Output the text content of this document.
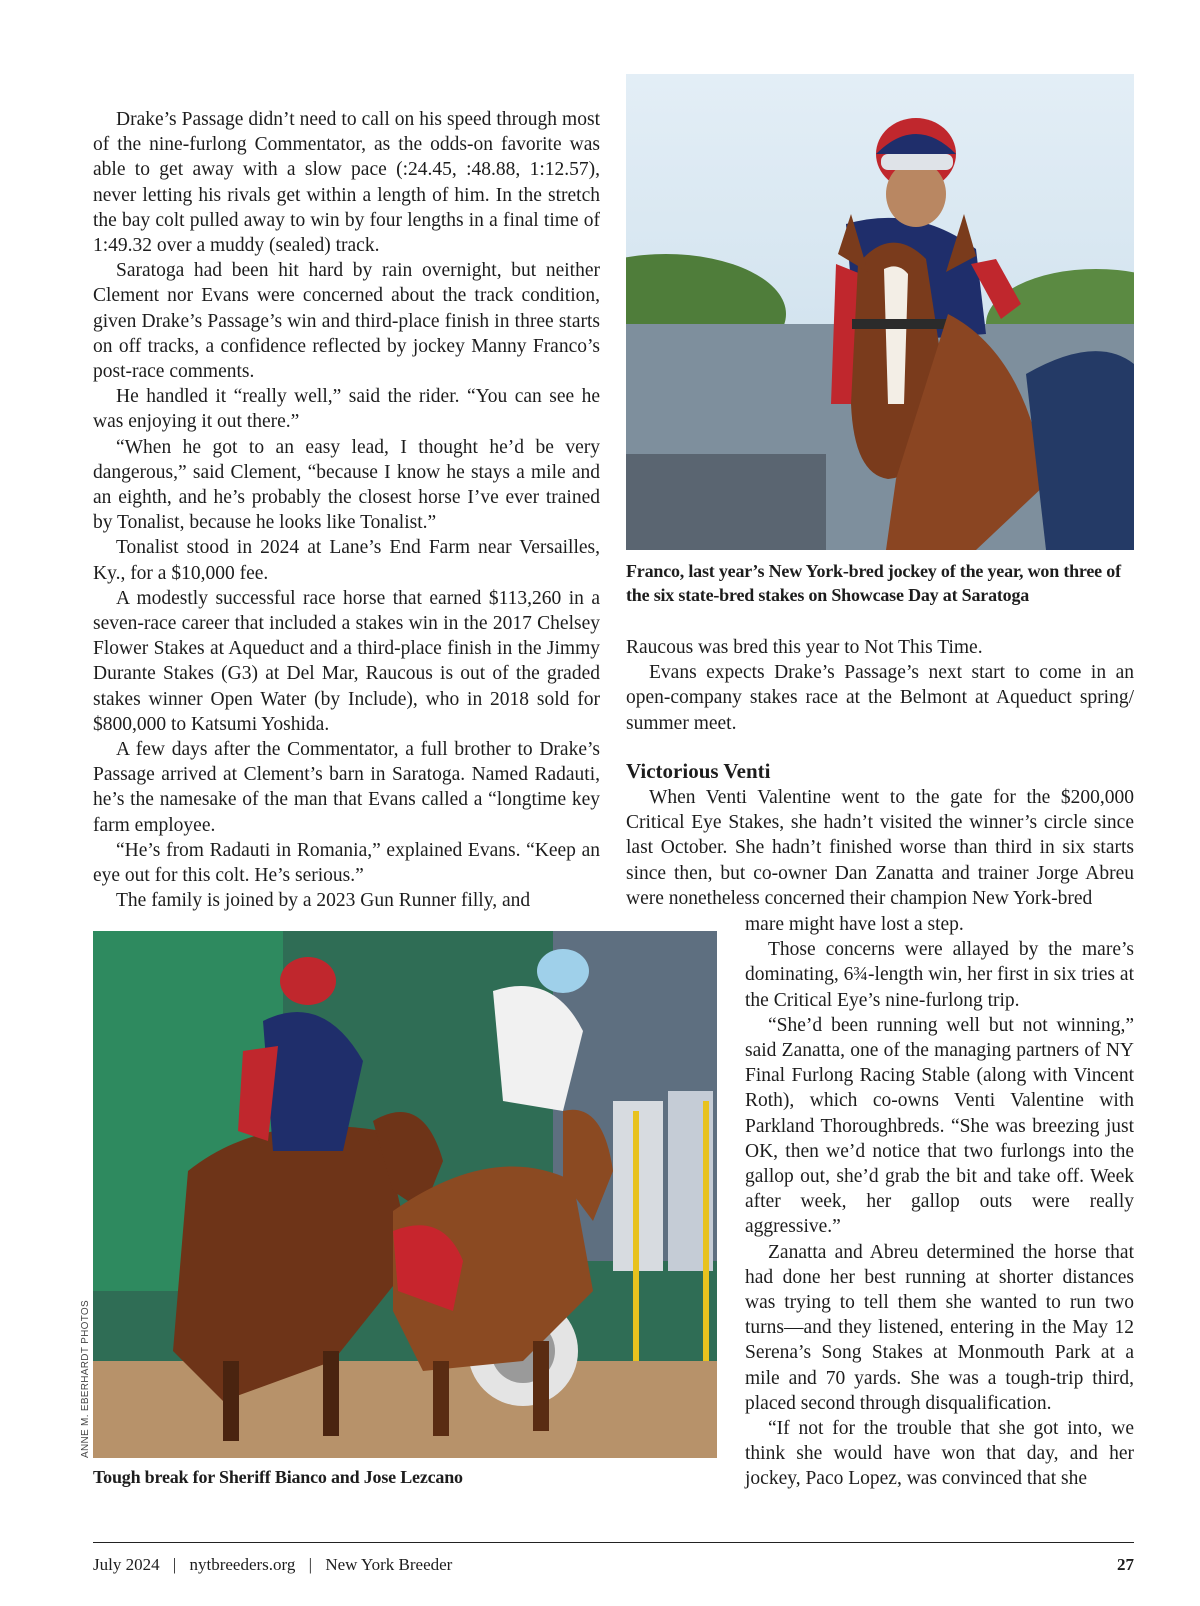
Drake’s Passage didn’t need to call on his speed through most of the nine-furlong Commentator, as the odds-on favorite was able to get away with a slow pace (:24.45, :48.88, 1:12.57), never letting his rivals get within a length of him. In the stretch the bay colt pulled away to win by four lengths in a final time of 1:49.32 over a muddy (sealed) track.

Saratoga had been hit hard by rain overnight, but neither Clement nor Evans were concerned about the track condition, given Drake’s Passage’s win and third-place finish in three starts on off tracks, a confidence reflected by jockey Manny Franco’s post-race comments.

He handled it “really well,” said the rider. “You can see he was enjoying it out there.”

“When he got to an easy lead, I thought he’d be very dangerous,” said Clement, “because I know he stays a mile and an eighth, and he’s probably the closest horse I’ve ever trained by Tonalist, because he looks like Tonalist.”

Tonalist stood in 2024 at Lane’s End Farm near Versailles, Ky., for a $10,000 fee.

A modestly successful race horse that earned $113,260 in a seven-race career that included a stakes win in the 2017 Chelsey Flower Stakes at Aqueduct and a third-place finish in the Jimmy Durante Stakes (G3) at Del Mar, Raucous is out of the graded stakes winner Open Water (by Include), who in 2018 sold for $800,000 to Katsumi Yoshida.

A few days after the Commentator, a full brother to Drake’s Passage arrived at Clement’s barn in Saratoga. Named Radauti, he’s the namesake of the man that Evans called a “longtime key farm employee.

“He’s from Radauti in Romania,” explained Evans. “Keep an eye out for this colt. He’s serious.”

The family is joined by a 2023 Gun Runner filly, and

Franco, last year’s New York-bred jockey of the year, won three of the six state-bred stakes on Showcase Day at Saratoga

Raucous was bred this year to Not This Time.

Evans expects Drake’s Passage’s next start to come in an open-company stakes race at the Belmont at Aqueduct spring/ summer meet.

Victorious Venti

When Venti Valentine went to the gate for the $200,000 Critical Eye Stakes, she hadn’t visited the winner’s circle since last October. She hadn’t finished worse than third in six starts since then, but co-owner Dan Zanatta and trainer Jorge Abreu were nonetheless concerned their champion New York-bred

Tough break for Sheriff Bianco and Jose Lezcano
ANNE M. EBERHARDT PHOTOS

mare might have lost a step.

Those concerns were allayed by the mare’s dominating, 6¾-length win, her first in six tries at the Critical Eye’s nine-furlong trip.

“She’d been running well but not winning,” said Zanatta, one of the managing partners of NY Final Furlong Racing Stable (along with Vincent Roth), which co-owns Venti Valentine with Parkland Thoroughbreds. “She was breezing just OK, then we’d notice that two furlongs into the gallop out, she’d grab the bit and take off. Week after week, her gallop outs were really aggressive.”

Zanatta and Abreu determined the horse that had done her best running at shorter distances was trying to tell them she wanted to run two turns—and they listened, entering in the May 12 Serena’s Song Stakes at Monmouth Park at a mile and 70 yards. She was a tough-trip third, placed second through disqualification.

“If not for the trouble that she got into, we think she would have won that day, and her jockey, Paco Lopez, was convinced that she

July 2024 | nytbreeders.org | New York Breeder	27
